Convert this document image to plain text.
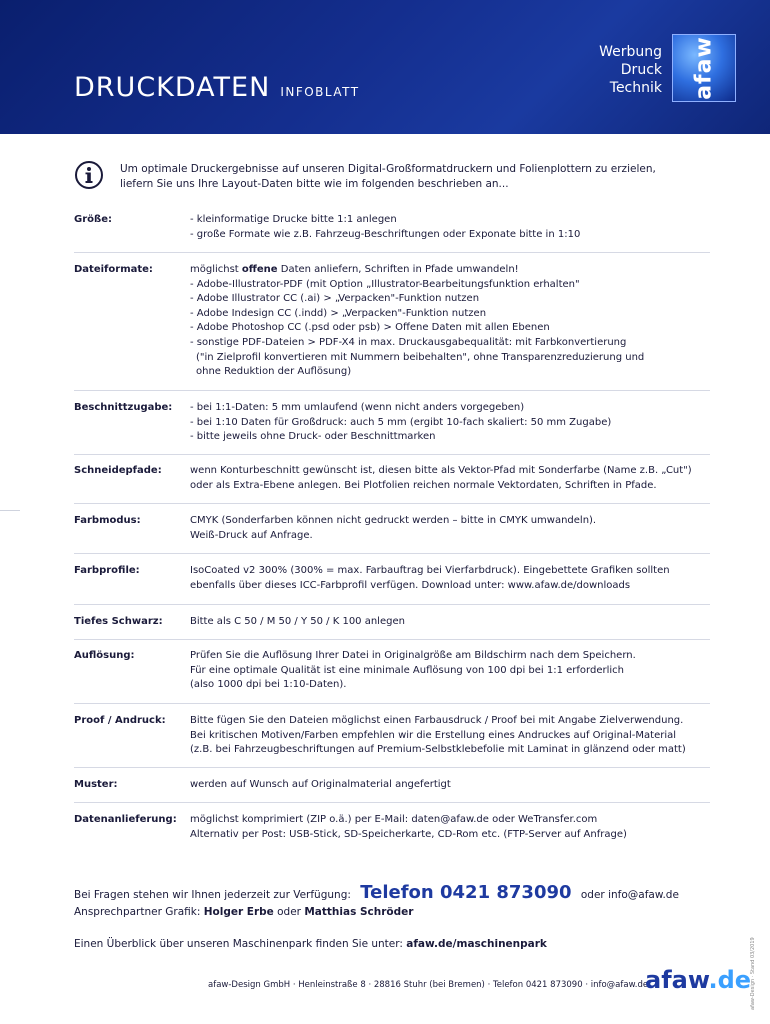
DRUCKDATEN INFOBLATT
Werbung
Druck
Technik afaw
Um optimale Druckergebnisse auf unseren Digital-Großformatdruckern und Folienplottern zu erzielen,
liefern Sie uns Ihre Layout-Daten bitte wie im folgenden beschrieben an...
Größe:	- kleinformatige Drucke bitte 1:1 anlegen
- große Formate wie z.B. Fahrzeug-Beschriftungen oder Exponate bitte in 1:10
Dateiformate:	möglichst offene Daten anliefern, Schriften in Pfade umwandeln!
- Adobe-Illustrator-PDF (mit Option „Illustrator-Bearbeitungsfunktion erhalten"
- Adobe Illustrator CC (.ai) > „Verpacken"-Funktion nutzen
- Adobe Indesign CC (.indd) > „Verpacken"-Funktion nutzen
- Adobe Photoshop CC (.psd oder psb) > Offene Daten mit allen Ebenen
- sonstige PDF-Dateien > PDF-X4 in max. Druckausgabequalität: mit Farbkonvertierung
("in Zielprofil konvertieren mit Nummern beibehalten", ohne Transparenzreduzierung und
ohne Reduktion der Auflösung)
Beschnittzugabe: - bei 1:1-Daten: 5 mm umlaufend (wenn nicht anders vorgegeben)
- bei 1:10 Daten für Großdruck: auch 5 mm (ergibt 10-fach skaliert: 50 mm Zugabe)
- bitte jeweils ohne Druck- oder Beschnittmarken
Schneidepfade:	wenn Konturbeschnitt gewünscht ist, diesen bitte als Vektor-Pfad mit Sonderfarbe (Name z.B. „Cut")
oder als Extra-Ebene anlegen. Bei Plotfolien reichen normale Vektordaten, Schriften in Pfade.
Farbmodus:	CMYK (Sonderfarben können nicht gedruckt werden – bitte in CMYK umwandeln).
Weiß-Druck auf Anfrage.
Farbprofile:	IsoCoated v2 300% (300% = max. Farbauftrag bei Vierfarbdruck). Eingebettete Grafiken sollten
ebenfalls über dieses ICC-Farbprofil verfügen. Download unter: www.afaw.de/downloads
Tiefes Schwarz:	Bitte als C 50 / M 50 / Y 50 / K 100 anlegen
Auflösung:	Prüfen Sie die Auflösung Ihrer Datei in Originalgröße am Bildschirm nach dem Speichern.
Für eine optimale Qualität ist eine minimale Auflösung von 100 dpi bei 1:1 erforderlich
(also 1000 dpi bei 1:10-Daten).
Proof / Andruck: Bitte fügen Sie den Dateien möglichst einen Farbausdruck / Proof bei mit Angabe Zielverwendung.
Bei kritischen Motiven/Farben empfehlen wir die Erstellung eines Andruckes auf Original-Material
(z.B. bei Fahrzeugbeschriftungen auf Premium-Selbstklebefolie mit Laminat in glänzend oder matt)
Muster:	werden auf Wunsch auf Originalmaterial angefertigt
Datenanlieferung: möglichst komprimiert (ZIP o.ä.) per E-Mail: daten@afaw.de oder WeTransfer.com
Alternativ per Post: USB-Stick, SD-Speicherkarte, CD-Rom etc. (FTP-Server auf Anfrage)
Bei Fragen stehen wir Ihnen jederzeit zur Verfügung: Telefon 0421 873090 oder info@afaw.de
Ansprechpartner Grafik: Holger Erbe oder Matthias Schröder
Einen Überblick über unseren Maschinenpark finden Sie unter: afaw.de/maschinenpark
afaw-Design GmbH · Henleinstraße 8 · 28816 Stuhr (bei Bremen) · Telefon 0421 873090 · info@afaw.de
afaw.de
afaw-Design · Stand 03/2019
